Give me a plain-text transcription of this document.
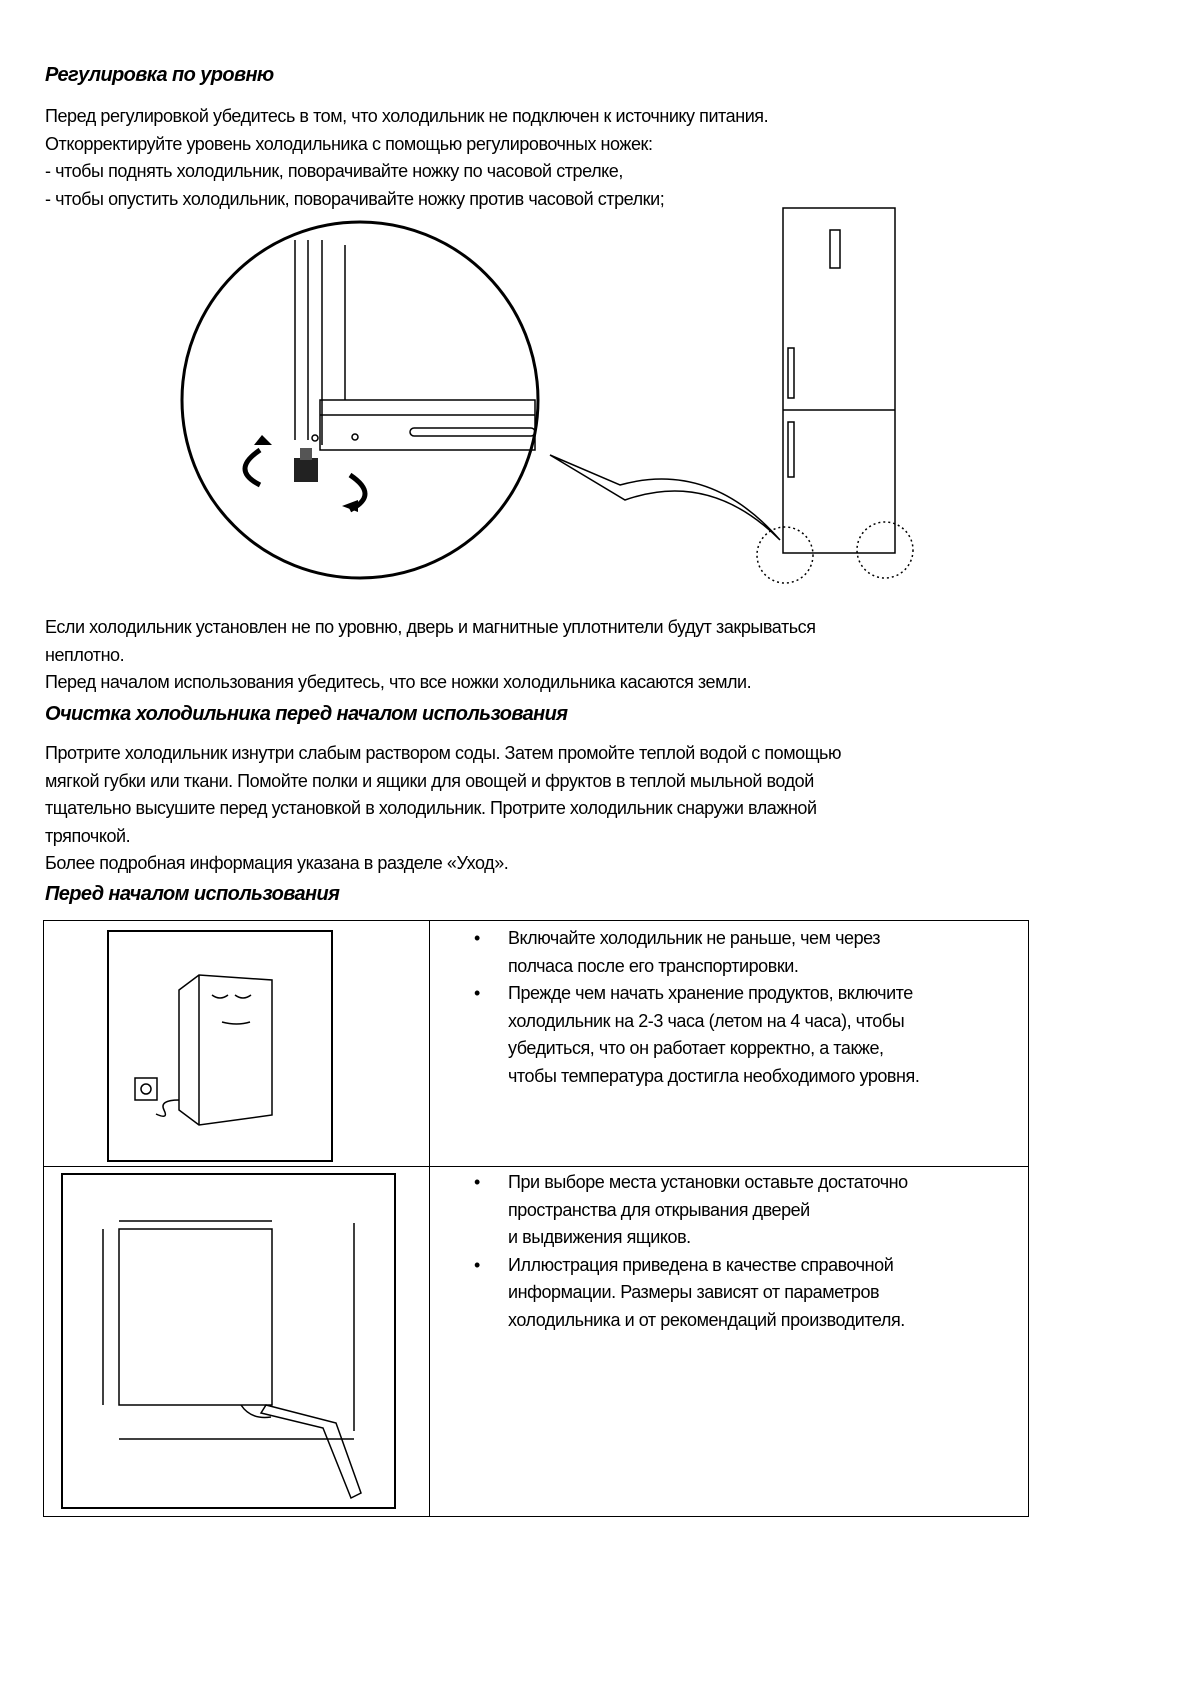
Регулировка по уровню
Перед регулировкой убедитесь в том, что холодильник не подключен к источнику питания.
Откорректируйте уровень холодильника с помощью регулировочных ножек:
- чтобы поднять холодильник, поворачивайте ножку по часовой стрелке,
- чтобы опустить холодильник, поворачивайте ножку против часовой стрелки;
Если холодильник установлен не по уровню, дверь и магнитные уплотнители будут закрываться
неплотно.
Перед началом использования убедитесь, что все ножки холодильника касаются земли.
Очистка холодильника перед началом использования
Протрите холодильник изнутри слабым раствором соды. Затем промойте теплой водой с помощью
мягкой губки или ткани. Помойте полки и ящики для овощей и фруктов в теплой мыльной водой
тщательно высушите перед установкой в холодильник. Протрите холодильник снаружи влажной
тряпочкой.
Более подробная информация указана в разделе «Уход».
Перед началом использования
• Включайте холодильник не раньше, чем через
полчаса после его транспортировки.
• Прежде чем начать хранение продуктов, включите
холодильник на 2-3 часа (летом на 4 часа), чтобы
убедиться, что он работает корректно, а также,
чтобы температура достигла необходимого уровня.
• При выборе места установки оставьте достаточно
пространства для открывания дверей
и выдвижения ящиков.
• Иллюстрация приведена в качестве справочной
информации. Размеры зависят от параметров
холодильника и от рекомендаций производителя.
